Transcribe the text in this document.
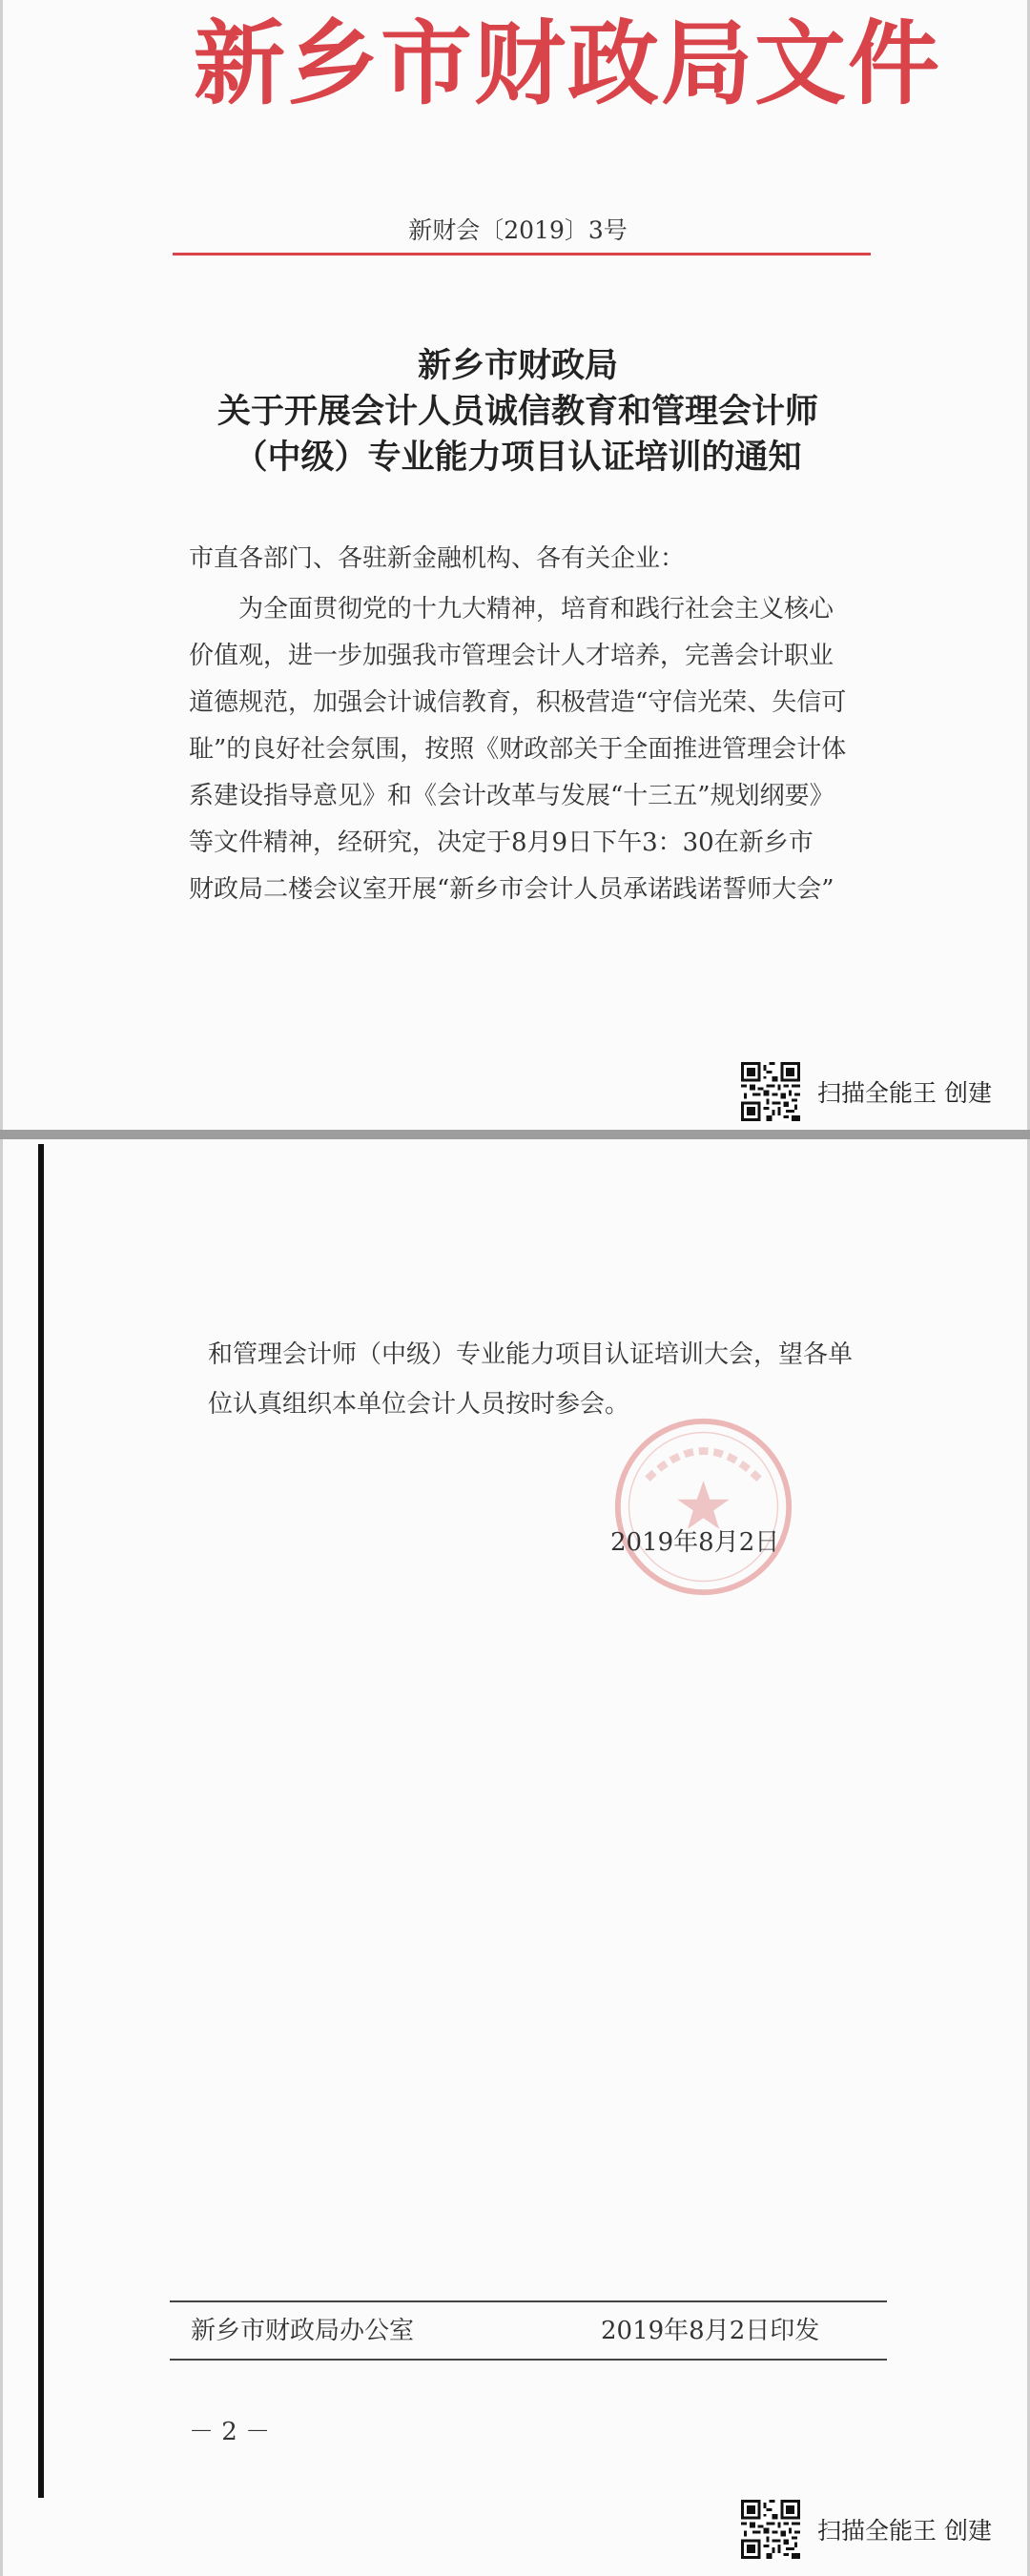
新乡市财政局文件
新财会〔2019〕3号
新乡市财政局
关于开展会计人员诚信教育和管理会计师
（中级）专业能力项目认证培训的通知
市直各部门、各驻新金融机构、各有关企业：
为全面贯彻党的十九大精神，培育和践行社会主义核心
价值观，进一步加强我市管理会计人才培养，完善会计职业
道德规范，加强会计诚信教育，积极营造“守信光荣、失信可
耻”的良好社会氛围，按照《财政部关于全面推进管理会计体
系建设指导意见》和《会计改革与发展“十三五”规划纲要》
等文件精神，经研究，决定于8月9日下午3：30在新乡市
财政局二楼会议室开展“新乡市会计人员承诺践诺誓师大会”
扫描全能王 创建
和管理会计师（中级）专业能力项目认证培训大会，望各单
位认真组织本单位会计人员按时参会。
2019年8月2日
新乡市财政局办公室	2019年8月2日印发
－ 2 －
扫描全能王 创建
